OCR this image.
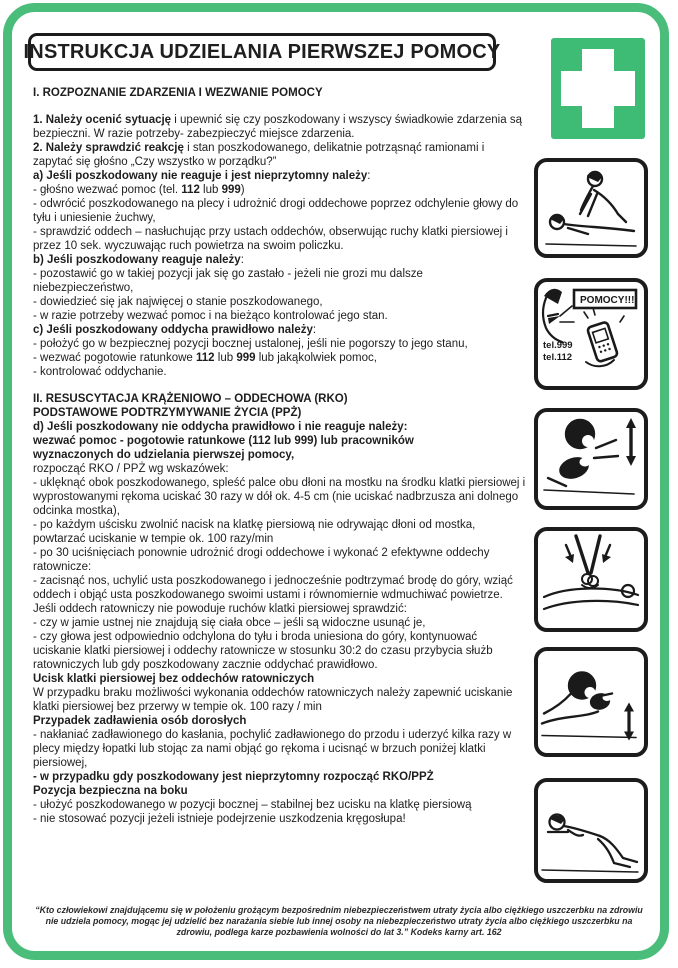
INSTRUKCJA UDZIELANIA PIERWSZEJ POMOCY
I. ROZPOZNANIE ZDARZENIA I WEZWANIE POMOCY
1. Należy ocenić sytuację i upewnić się czy poszkodowany i wszyscy świadkowie zdarzenia są bezpieczni. W razie potrzeby- zabezpieczyć miejsce zdarzenia.
2. Należy sprawdzić reakcję i stan poszkodowanego, delikatnie potrząsnąć ramionami i zapytać się głośno „Czy wszystko w porządku?”
a) Jeśli poszkodowany nie reaguje i jest nieprzytomny należy:
- głośno wezwać pomoc (tel. 112 lub 999)
- odwrócić poszkodowanego na plecy i udrożnić drogi oddechowe poprzez odchylenie głowy do tyłu i uniesienie żuchwy,
- sprawdzić oddech – nasłuchując przy ustach oddechów, obserwując ruchy klatki piersiowej i przez 10 sek. wyczuwając ruch powietrza na swoim policzku.
b) Jeśli poszkodowany reaguje należy:
- pozostawić go w takiej pozycji jak się go zastało - jeżeli nie grozi mu dalsze niebezpieczeństwo,
- dowiedzieć się jak najwięcej o stanie poszkodowanego,
- w razie potrzeby wezwać pomoc i na bieżąco kontrolować jego stan.
c) Jeśli poszkodowany oddycha prawidłowo należy:
- położyć go w bezpiecznej pozycji bocznej ustalonej, jeśli nie pogorszy to jego stanu,
- wezwać pogotowie ratunkowe 112 lub 999 lub jakąkolwiek pomoc,
- kontrolować oddychanie.
II. RESUSCYTACJA KRĄŻENIOWO – ODDECHOWA (RKO)
PODSTAWOWE PODTRZYMYWANIE ŻYCIA (PPŻ)
d) Jeśli poszkodowany nie oddycha prawidłowo i nie reaguje należy:
wezwać pomoc - pogotowie ratunkowe (112 lub 999) lub pracowników
wyznaczonych do udzielania pierwszej pomocy,
rozpocząć RKO / PPŻ wg wskazówek:
- uklęknąć obok poszkodowanego, spleść palce obu dłoni na mostku na środku klatki piersiowej i wyprostowanymi rękoma uciskać 30 razy w dół ok. 4-5 cm (nie uciskać nadbrzusza ani dolnego odcinka mostka),
- po każdym uścisku zwolnić nacisk na klatkę piersiową nie odrywając dłoni od mostka, powtarzać uciskanie w tempie ok. 100 razy/min
- po 30 uciśnięciach ponownie udrożnić drogi oddechowe i wykonać 2 efektywne oddechy ratownicze:
- zacisnąć nos, uchylić usta poszkodowanego i jednocześnie podtrzymać brodę do góry, wziąć oddech i objąć usta poszkodowanego swoimi ustami i równomiernie wdmuchiwać powietrze.
Jeśli oddech ratowniczy nie powoduje ruchów klatki piersiowej sprawdzić:
- czy w jamie ustnej nie znajdują się ciała obce – jeśli są widoczne usunąć je,
- czy głowa jest odpowiednio odchylona do tyłu i broda uniesiona do góry, kontynuować uciskanie klatki piersiowej i oddechy ratownicze w stosunku 30:2 do czasu przybycia służb ratowniczych lub gdy poszkodowany zacznie oddychać prawidłowo.
Ucisk klatki piersiowej bez oddechów ratowniczych
W przypadku braku możliwości wykonania oddechów ratowniczych należy zapewnić uciskanie klatki piersiowej bez przerwy w tempie ok. 100 razy / min
Przypadek zadławienia osób dorosłych
- nakłaniać zadławionego do kasłania, pochylić zadławionego do przodu i uderzyć kilka razy w plecy między łopatki lub stojąc za nami objąć go rękoma i ucisnąć w brzuch poniżej klatki piersiowej,
- w przypadku gdy poszkodowany jest nieprzytomny rozpocząć RKO/PPŻ
Pozycja bezpieczna na boku
- ułożyć poszkodowanego w pozycji bocznej – stabilnej bez ucisku na klatkę piersiową
- nie stosować pozycji jeżeli istnieje podejrzenie uszkodzenia kręgosłupa!
POMOCY!!!
tel.999
tel.112
“Kto człowiekowi znajdującemu się w położeniu grożącym bezpośrednim niebezpieczeństwem utraty życia albo ciężkiego uszczerbku na zdrowiu nie udziela pomocy, mogąc jej udzielić bez narażania siebie lub innej osoby na niebezpieczeństwo utraty życia albo ciężkiego uszczerbku na zdrowiu, podlega karze pozbawienia wolności do lat 3.” Kodeks karny art. 162
